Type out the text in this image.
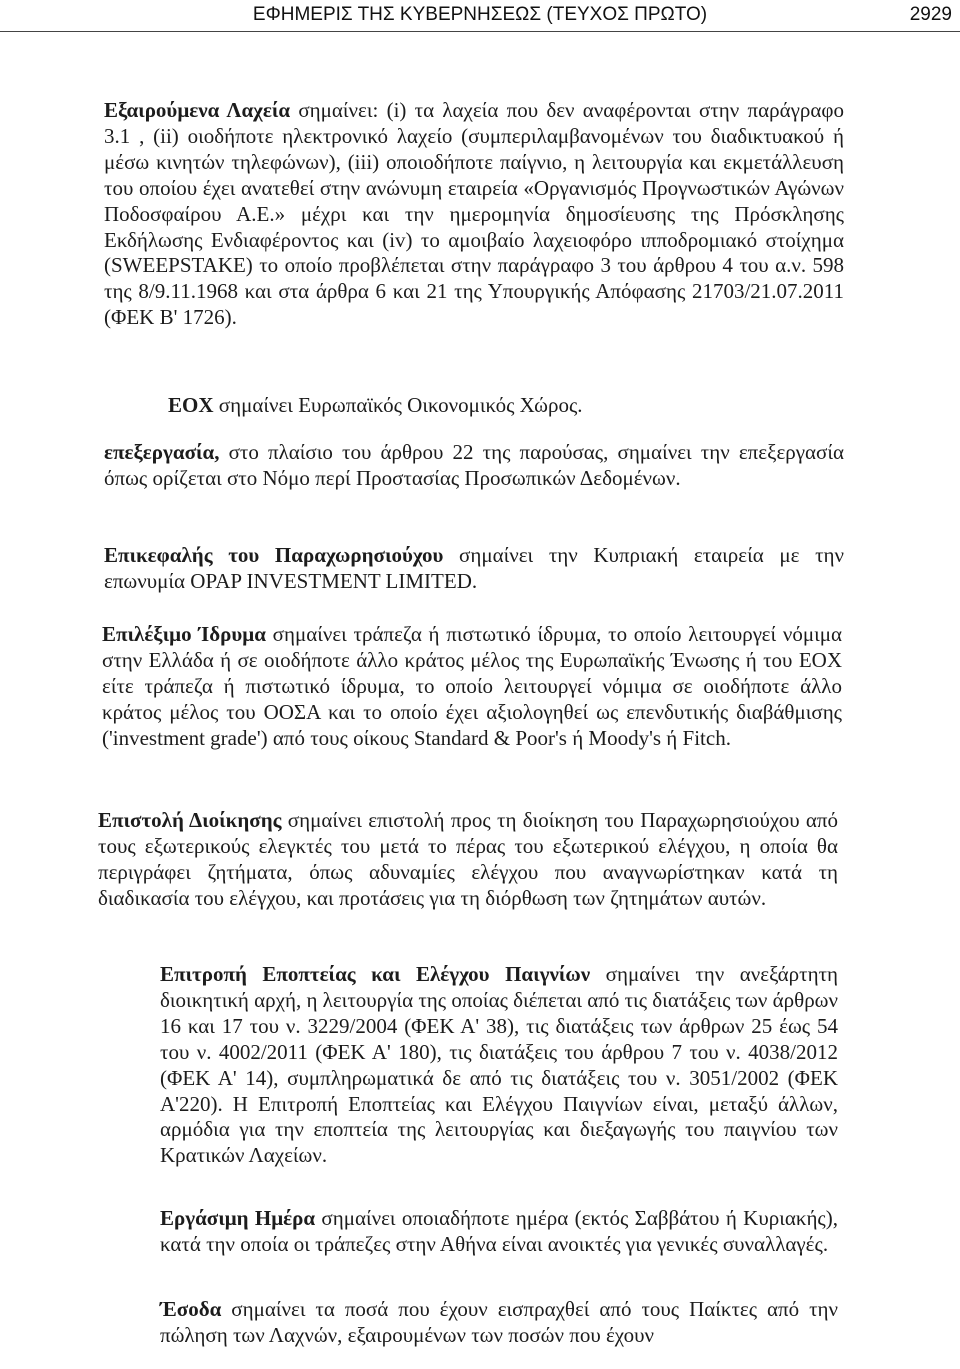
ΕΦΗΜΕΡΙΣ ΤΗΣ ΚΥΒΕΡΝΗΣΕΩΣ (ΤΕΥΧΟΣ ΠΡΩΤΟ)	2929
Εξαιρούμενα Λαχεία σημαίνει: (i) τα λαχεία που δεν αναφέρονται στην παράγραφο 3.1 , (ii) οιοδήποτε ηλεκτρονικό λαχείο (συμπεριλαμβανομένων του διαδικτυακού ή μέσω κινητών τηλεφώνων), (iii) οποιοδήποτε παίγνιο, η λειτουργία και εκμετάλλευση του οποίου έχει ανατεθεί στην ανώνυμη εταιρεία «Οργανισμός Προγνωστικών Αγώνων Ποδοσφαίρου Α.Ε.» μέχρι και την ημερομηνία δημοσίευσης της Πρόσκλησης Εκδήλωσης Ενδιαφέροντος και (iv) το αμοιβαίο λαχειοφόρο ιπποδρομιακό στοίχημα (SWEEPSTAKE) το οποίο προβλέπεται στην παράγραφο 3 του άρθρου 4 του α.ν. 598 της 8/9.11.1968 και στα άρθρα 6 και 21 της Υπουργικής Απόφασης 21703/21.07.2011 (ΦΕΚ Β' 1726).
ΕΟΧ σημαίνει Ευρωπαϊκός Οικονομικός Χώρος.
επεξεργασία, στο πλαίσιο του άρθρου 22 της παρούσας, σημαίνει την επεξεργασία όπως ορίζεται στο Νόμο περί Προστασίας Προσωπικών Δεδομένων.
Επικεφαλής του Παραχωρησιούχου σημαίνει την Κυπριακή εταιρεία με την επωνυμία OPAP INVESTMENT LIMITED.
Επιλέξιμο Ίδρυμα σημαίνει τράπεζα ή πιστωτικό ίδρυμα, το οποίο λειτουργεί νόμιμα στην Ελλάδα ή σε οιοδήποτε άλλο κράτος μέλος της Ευρωπαϊκής Ένωσης ή του ΕΟΧ είτε τράπεζα ή πιστωτικό ίδρυμα, το οποίο λειτουργεί νόμιμα σε οιοδήποτε άλλο κράτος μέλος του ΟΟΣΑ και το οποίο έχει αξιολογηθεί ως επενδυτικής διαβάθμισης ('investment grade') από τους οίκους Standard & Poor's ή Moody's ή Fitch.
Επιστολή Διοίκησης σημαίνει επιστολή προς τη διοίκηση του Παραχωρησιούχου από τους εξωτερικούς ελεγκτές του μετά το πέρας του εξωτερικού ελέγχου, η οποία θα περιγράφει ζητήματα, όπως αδυναμίες ελέγχου που αναγνωρίστηκαν κατά τη διαδικασία του ελέγχου, και προτάσεις για τη διόρθωση των ζητημάτων αυτών.
Επιτροπή Εποπτείας και Ελέγχου Παιγνίων σημαίνει την ανεξάρτητη διοικητική αρχή, η λειτουργία της οποίας διέπεται από τις διατάξεις των άρθρων 16 και 17 του ν. 3229/2004 (ΦΕΚ Α' 38), τις διατάξεις των άρθρων 25 έως 54 του ν. 4002/2011 (ΦΕΚ Α' 180), τις διατάξεις του άρθρου 7 του ν. 4038/2012 (ΦΕΚ Α' 14), συμπληρωματικά δε από τις διατάξεις του ν. 3051/2002 (ΦΕΚ Α'220). Η Επιτροπή Εποπτείας και Ελέγχου Παιγνίων είναι, μεταξύ άλλων, αρμόδια για την εποπτεία της λειτουργίας και διεξαγωγής του παιγνίου των Κρατικών Λαχείων.
Εργάσιμη Ημέρα σημαίνει οποιαδήποτε ημέρα (εκτός Σαββάτου ή Κυριακής), κατά την οποία οι τράπεζες στην Αθήνα είναι ανοικτές για γενικές συναλλαγές.
Έσοδα σημαίνει τα ποσά που έχουν εισπραχθεί από τους Παίκτες από την πώληση των Λαχνών, εξαιρουμένων των ποσών που έχουν
